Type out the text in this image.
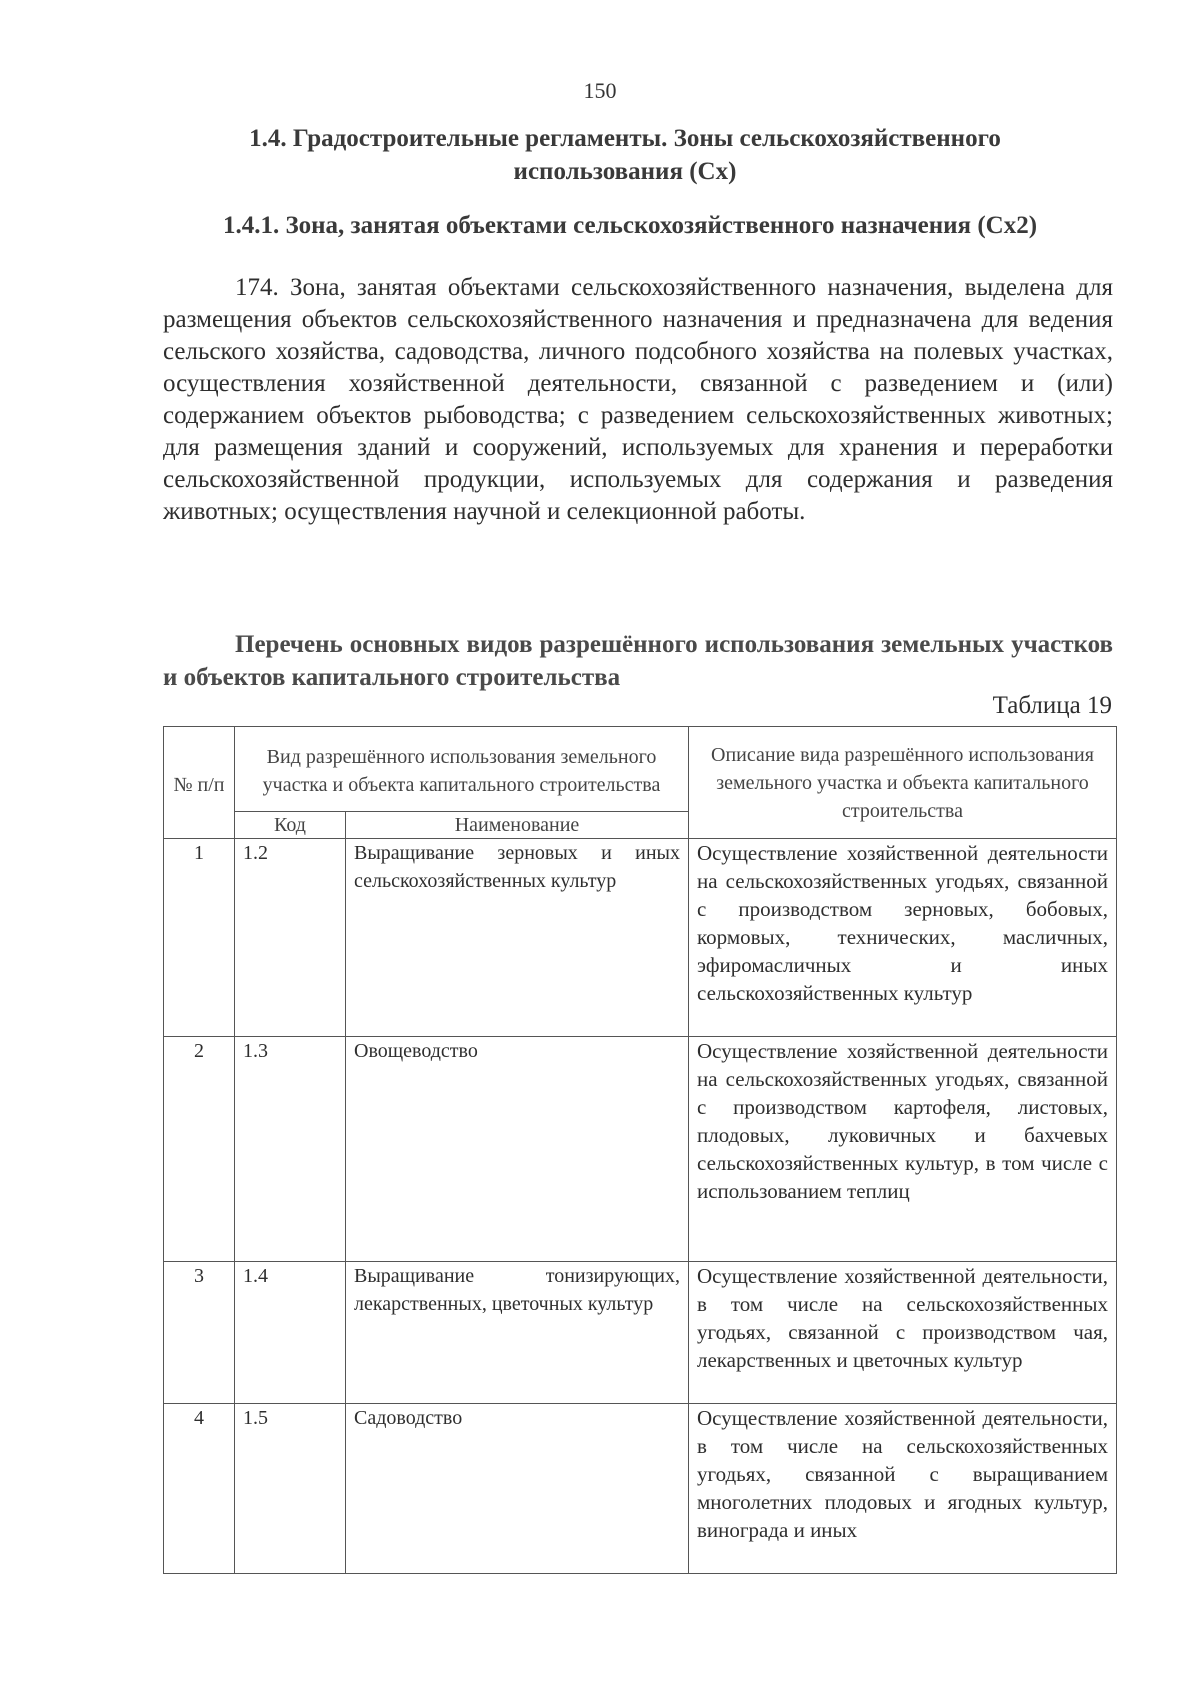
150
1.4. Градостроительные регламенты. Зоны сельскохозяйственного
использования (Сх)
1.4.1. Зона, занятая объектами сельскохозяйственного назначения (Сх2)
174. Зона, занятая объектами сельскохозяйственного назначения, выделена для размещения объектов сельскохозяйственного назначения и предназначена для ведения сельского хозяйства, садоводства, личного подсобного хозяйства на полевых участках, осуществления хозяйственной деятельности, связанной с разведением и (или) содержанием объектов рыбоводства; с разведением сельскохозяйственных животных; для размещения зданий и сооружений, используемых для хранения и переработки сельскохозяйственной продукции, используемых для содержания и разведения животных; осуществления научной и селекционной работы.
Перечень основных видов разрешённого использования земельных участков и объектов капитального строительства
Таблица 19
№ п/п	Вид разрешённого использования земельного участка и объекта капитального строительства		Описание вида разрешённого использования земельного участка и объекта капитального строительства
	Код	Наименование	
1	1.2	Выращивание зерновых и иных сельскохозяйственных культур	Осуществление хозяйственной деятельности на сельскохозяйственных угодьях, связанной с производством зерновых, бобовых, кормовых, технических, масличных, эфиромасличных и иных сельскохозяйственных культур
2	1.3	Овощеводство	Осуществление хозяйственной деятельности на сельскохозяйственных угодьях, связанной с производством картофеля, листовых, плодовых, луковичных и бахчевых сельскохозяйственных культур, в том числе с использованием теплиц
3	1.4	Выращивание тонизирующих, лекарственных, цветочных культур	Осуществление хозяйственной деятельности, в том числе на сельскохозяйственных угодьях, связанной с производством чая, лекарственных и цветочных культур
4	1.5	Садоводство	Осуществление хозяйственной деятельности, в том числе на сельскохозяйственных угодьях, связанной с выращиванием многолетних плодовых и ягодных культур, винограда и иных
